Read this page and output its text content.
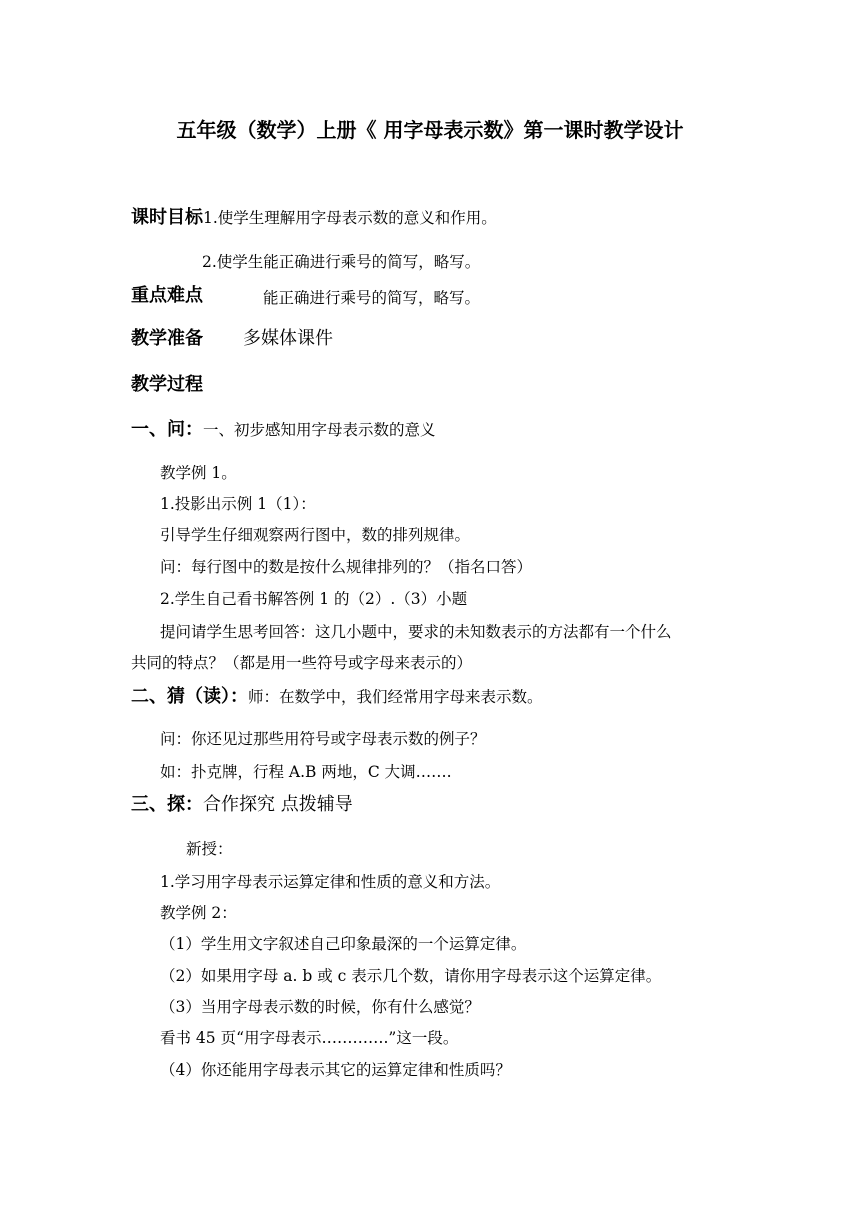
五年级（数学）上册《 用字母表示数》第一课时教学设计
课时目标1.使学生理解用字母表示数的意义和作用。
2.使学生能正确进行乘号的简写，略写。
重点难点	能正确进行乘号的简写，略写。
教学准备 多媒体课件
教学过程
一、问：一、初步感知用字母表示数的意义
教学例 1。
1.投影出示例 1（1）：
引导学生仔细观察两行图中，数的排列规律。
问：每行图中的数是按什么规律排列的？（指名口答）
2.学生自己看书解答例 1 的（2）.（3）小题
提问请学生思考回答：这几小题中，要求的未知数表示的方法都有一个什么
共同的特点？（都是用一些符号或字母来表示的）
二、猜（读）：师：在数学中，我们经常用字母来表示数。
问：你还见过那些用符号或字母表示数的例子？
如：扑克牌，行程 A.B 两地，C 大调…….
三、探：合作探究 点拨辅导
新授：
1.学习用字母表示运算定律和性质的意义和方法。
教学例 2：
（1）学生用文字叙述自己印象最深的一个运算定律。
（2）如果用字母 a. b 或 c 表示几个数，请你用字母表示这个运算定律。
（3）当用字母表示数的时候，你有什么感觉？
看书 45 页“用字母表示………….”这一段。
（4）你还能用字母表示其它的运算定律和性质吗？
